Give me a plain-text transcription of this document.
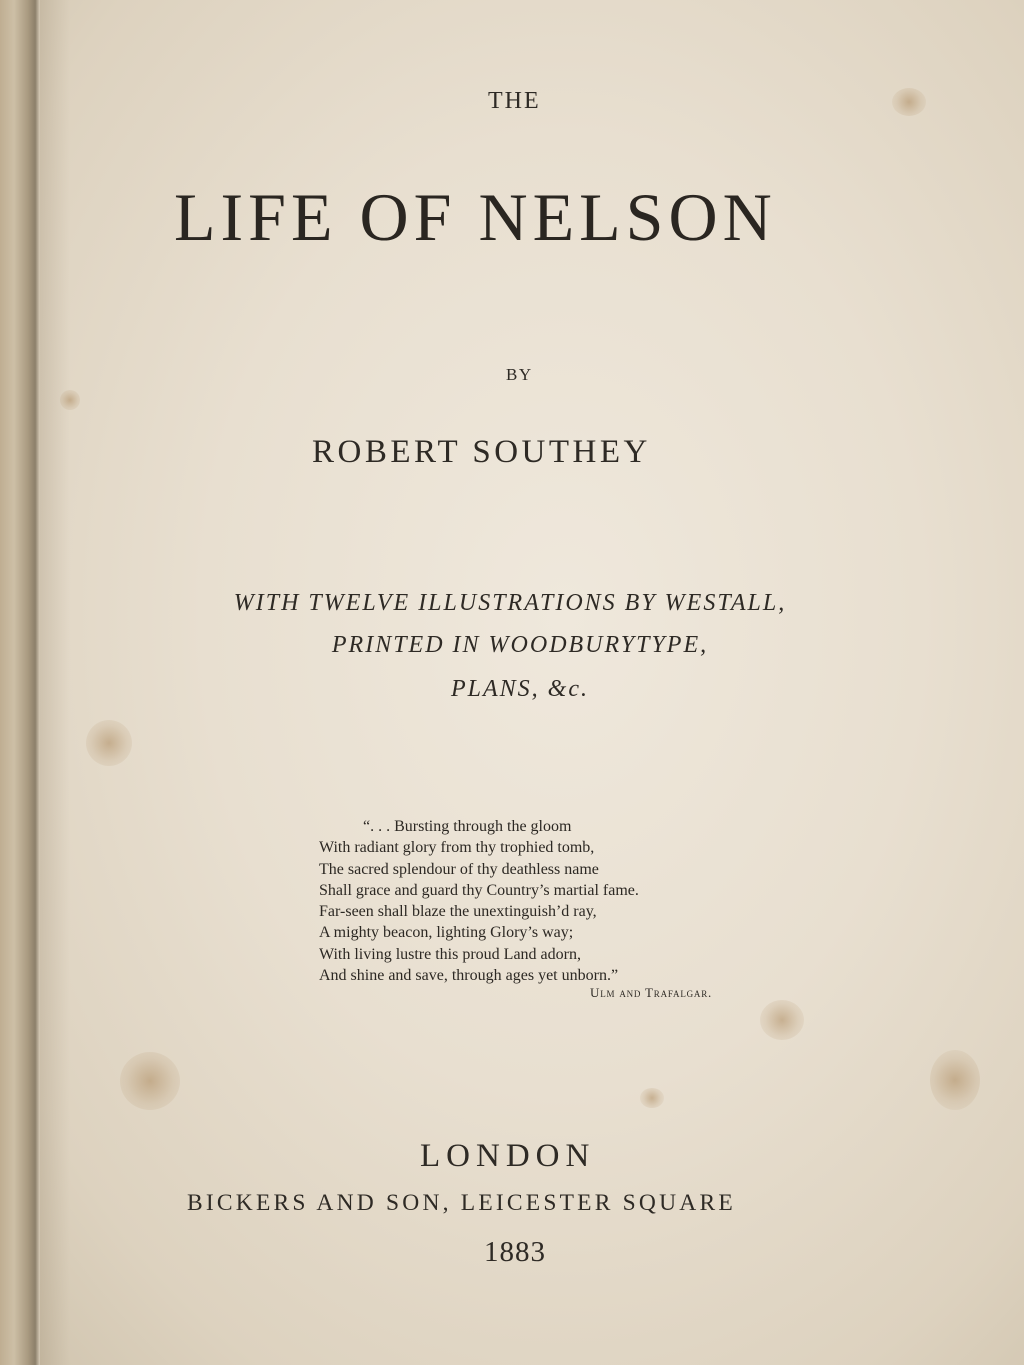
THE
LIFE OF NELSON
BY
ROBERT SOUTHEY
WITH TWELVE ILLUSTRATIONS BY WESTALL,
PRINTED IN WOODBURYTYPE,
PLANS, &c.
“. . . Bursting through the gloom
With radiant glory from thy trophied tomb,
The sacred splendour of thy deathless name
Shall grace and guard thy Country’s martial fame.
Far-seen shall blaze the unextinguish’d ray,
A mighty beacon, lighting Glory’s way;
With living lustre this proud Land adorn,
And shine and save, through ages yet unborn.”
Ulm and Trafalgar.
LONDON
BICKERS AND SON, LEICESTER SQUARE
1883
